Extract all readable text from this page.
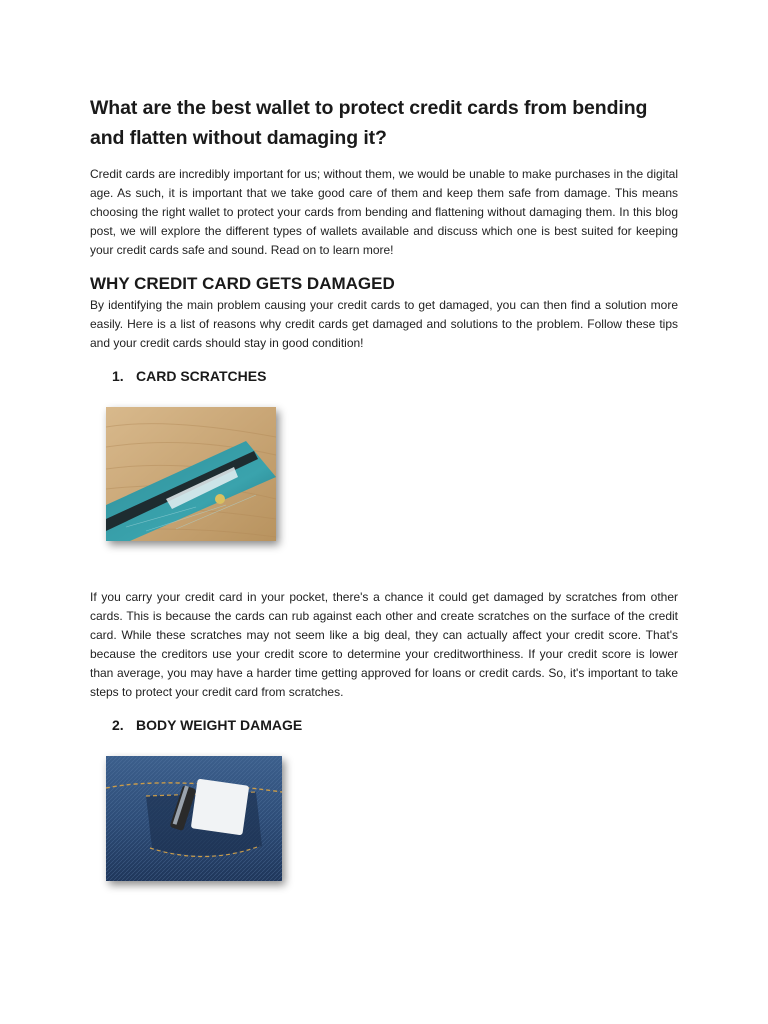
What are the best wallet to protect credit cards from bending and flatten without damaging it?

Credit cards are incredibly important for us; without them, we would be unable to make purchases in the digital age. As such, it is important that we take good care of them and keep them safe from damage. This means choosing the right wallet to protect your cards from bending and flattening without damaging them. In this blog post, we will explore the different types of wallets available and discuss which one is best suited for keeping your credit cards safe and sound. Read on to learn more!

WHY CREDIT CARD GETS DAMAGED

By identifying the main problem causing your credit cards to get damaged, you can then find a solution more easily. Here is a list of reasons why credit cards get damaged and solutions to the problem. Follow these tips and your credit cards should stay in good condition!

1. CARD SCRATCHES

If you carry your credit card in your pocket, there's a chance it could get damaged by scratches from other cards. This is because the cards can rub against each other and create scratches on the surface of the credit card. While these scratches may not seem like a big deal, they can actually affect your credit score. That's because the creditors use your credit score to determine your creditworthiness. If your credit score is lower than average, you may have a harder time getting approved for loans or credit cards. So, it's important to take steps to protect your credit card from scratches.

2. BODY WEIGHT DAMAGE
